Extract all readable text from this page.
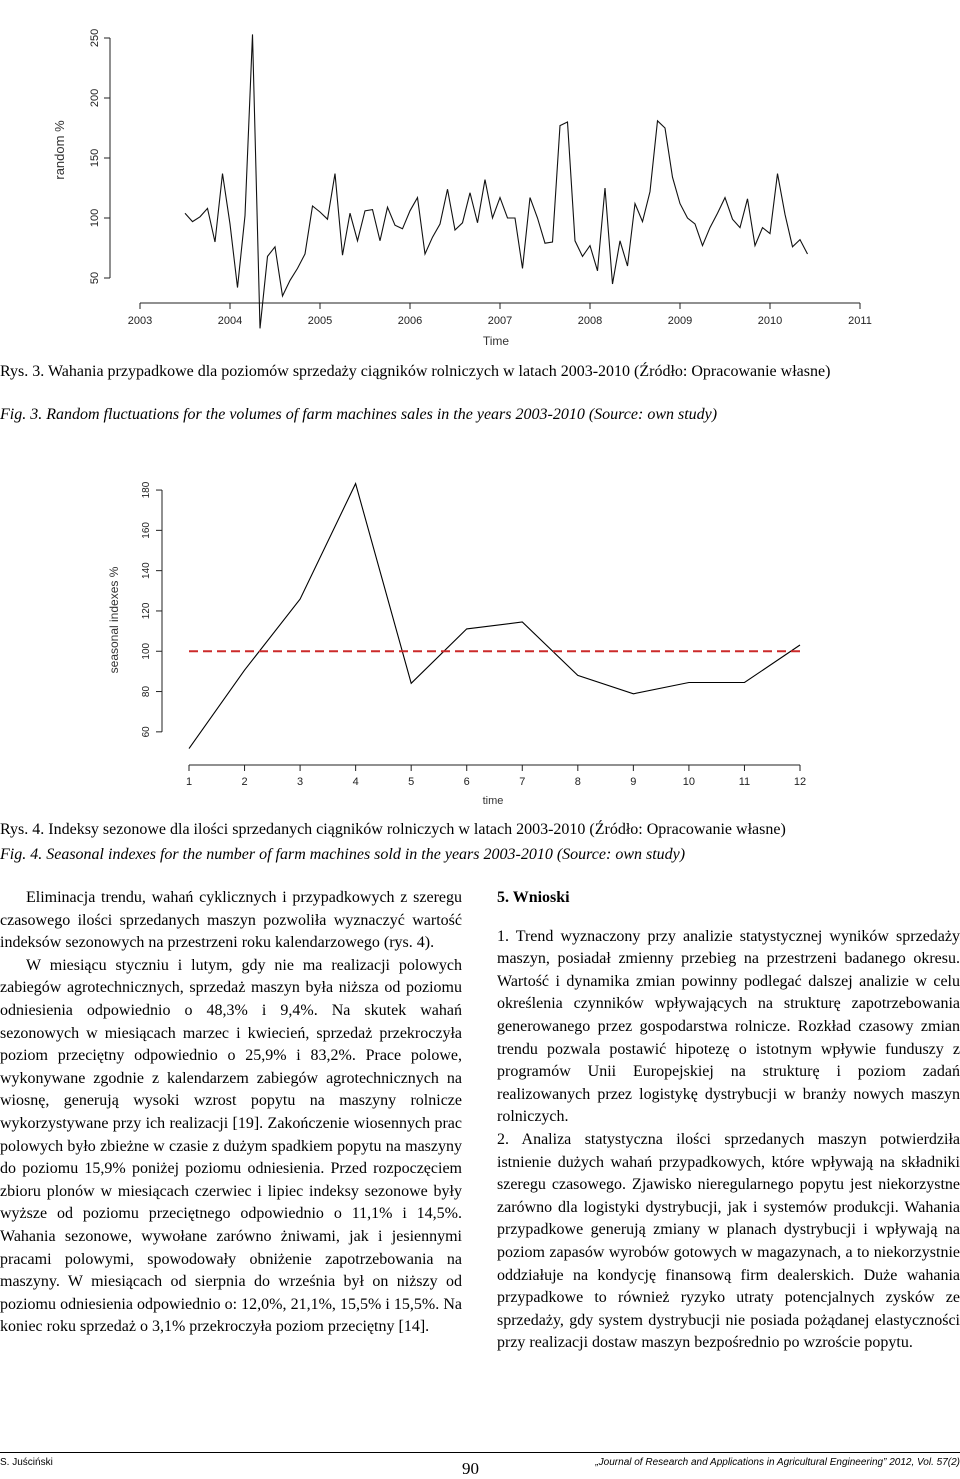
2003	2004	2005	2006	2007	2008	2009	2010	2011
50
100
150
200
250
random %
Time
Rys. 3. Wahania przypadkowe dla poziomów sprzedaży ciągników rolniczych w latach 2003-2010 (Źródło: Opracowanie własne)
Fig. 3. Random fluctuations for the volumes of farm machines sales in the years 2003-2010 (Source: own study)
1	2	3	4	5	6	7	8	9	10	11	12
60
80
100
120
140
160
180
seasonal indexes %
time
Rys. 4. Indeksy sezonowe dla ilości sprzedanych ciągników rolniczych w latach 2003-2010 (Źródło: Opracowanie własne)
Fig. 4. Seasonal indexes for the number of farm machines sold in the years 2003-2010 (Source: own study)

Eliminacja trendu, wahań cyklicznych i przypadkowych z szeregu czasowego ilości sprzedanych maszyn pozwoliła wyznaczyć wartość indeksów sezonowych na przestrzeni roku kalendarzowego (rys. 4).

W miesiącu styczniu i lutym, gdy nie ma realizacji polowych zabiegów agrotechnicznych, sprzedaż maszyn była niższa od poziomu odniesienia odpowiednio o 48,3% i 9,4%. Na skutek wahań sezonowych w miesiącach marzec i kwiecień, sprzedaż przekroczyła poziom przeciętny odpowiednio o 25,9% i 83,2%. Prace polowe, wykonywane zgodnie z kalendarzem zabiegów agrotechnicznych na wiosnę, generują wysoki wzrost popytu na maszyny rolnicze wykorzystywane przy ich realizacji [19]. Zakończenie wiosennych prac polowych było zbieżne w czasie z dużym spadkiem popytu na maszyny do poziomu 15,9% poniżej poziomu odniesienia. Przed rozpoczęciem zbioru plonów w miesiącach czerwiec i lipiec indeksy sezonowe były wyższe od poziomu przeciętnego odpowiednio o 11,1% i 14,5%. Wahania sezonowe, wywołane zarówno żniwami, jak i jesiennymi pracami polowymi, spowodowały obniżenie zapotrzebowania na maszyny. W miesiącach od sierpnia do września był on niższy od poziomu odniesienia odpowiednio o: 12,0%, 21,1%, 15,5% i 15,5%. Na koniec roku sprzedaż o 3,1% przekroczyła poziom przeciętny [14].

5. Wnioski

1. Trend wyznaczony przy analizie statystycznej wyników sprzedaży maszyn, posiadał zmienny przebieg na przestrzeni badanego okresu. Wartość i dynamika zmian powinny podlegać dalszej analizie w celu określenia czynników wpływających na strukturę zapotrzebowania generowanego przez gospodarstwa rolnicze. Rozkład czasowy zmian trendu pozwala postawić hipotezę o istotnym wpływie funduszy z programów Unii Europejskiej na strukturę i poziom zadań realizowanych przez logistykę dystrybucji w branży nowych maszyn rolniczych.

2. Analiza statystyczna ilości sprzedanych maszyn potwierdziła istnienie dużych wahań przypadkowych, które wpływają na składniki szeregu czasowego. Zjawisko nieregularnego popytu jest niekorzystne zarówno dla logistyki dystrybucji, jak i systemów produkcji. Wahania przypadkowe generują zmiany w planach dystrybucji i wpływają na poziom zapasów wyrobów gotowych w magazynach, a to niekorzystnie oddziałuje na kondycję finansową firm dealerskich. Duże wahania przypadkowe to również ryzyko utraty potencjalnych zysków ze sprzedaży, gdy system dystrybucji nie posiada pożądanej elastyczności przy realizacji dostaw maszyn bezpośrednio po wzroście popytu.

S. Juściński	90	„Journal of Research and Applications in Agricultural Engineering” 2012, Vol. 57(2)
